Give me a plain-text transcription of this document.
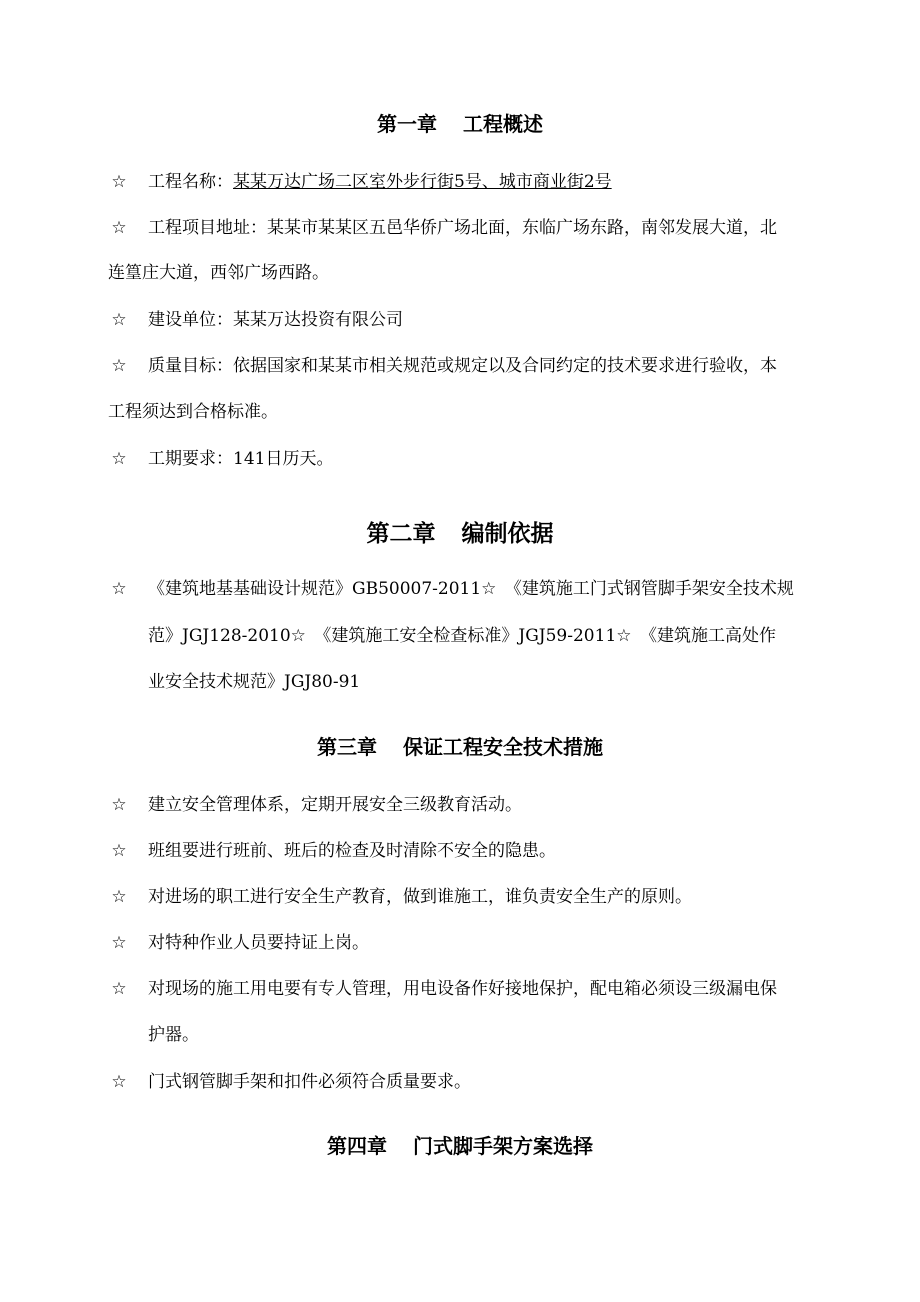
第一章 工程概述
☆ 工程名称：某某万达广场二区室外步行街5号、城市商业街2号
☆ 工程项目地址：某某市某某区五邑华侨广场北面，东临广场东路，南邻发展大道，北
连篁庄大道，西邻广场西路。
☆ 建设单位：某某万达投资有限公司
☆ 质量目标：依据国家和某某市相关规范或规定以及合同约定的技术要求进行验收，本
工程须达到合格标准。
☆ 工期要求：141日历天。
第二章 编制依据
☆ 《建筑地基基础设计规范》GB50007-2011☆　《建筑施工门式钢管脚手架安全技术规
范》JGJ128-2010☆　《建筑施工安全检查标准》JGJ59-2011☆　《建筑施工高处作
业安全技术规范》JGJ80-91
第三章 保证工程安全技术措施
☆ 建立安全管理体系，定期开展安全三级教育活动。
☆ 班组要进行班前、班后的检查及时清除不安全的隐患。
☆ 对进场的职工进行安全生产教育，做到谁施工，谁负责安全生产的原则。
☆ 对特种作业人员要持证上岗。
☆ 对现场的施工用电要有专人管理，用电设备作好接地保护，配电箱必须设三级漏电保
护器。
☆ 门式钢管脚手架和扣件必须符合质量要求。
第四章 门式脚手架方案选择
